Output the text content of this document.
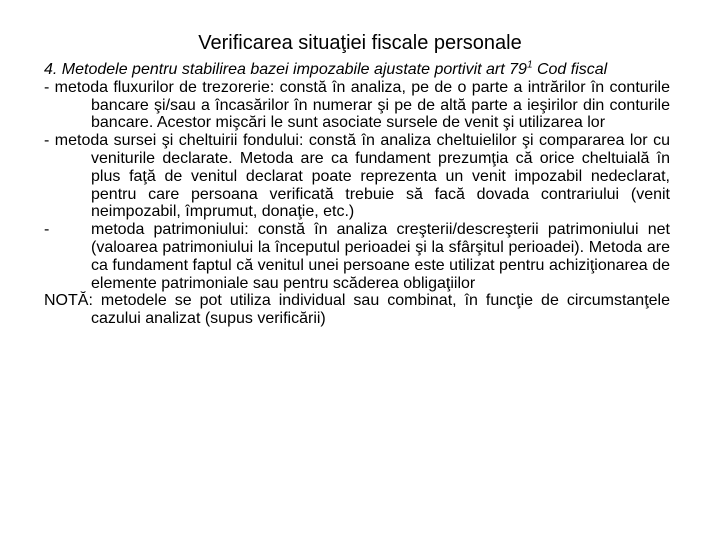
Verificarea situaţiei fiscale personale
4. Metodele pentru stabilirea bazei impozabile ajustate portivit art $79^1$ Cod fiscal
- metoda fluxurilor de trezorerie: constă în analiza, pe de o parte a intrărilor în conturile bancare şi/sau a încasărilor în numerar şi pe de altă parte a ieşirilor din conturile bancare. Acestor mişcări le sunt asociate sursele de venit şi utilizarea lor
- metoda sursei şi cheltuirii fondului: constă în analiza cheltuielilor şi compararea lor cu veniturile declarate. Metoda are ca fundament prezumţia că orice cheltuială în plus faţă de venitul declarat poate reprezenta un venit impozabil nedeclarat, pentru care persoana verificată trebuie să facă dovada contrariului (venit neimpozabil, împrumut, donaţie, etc.)
-	metoda patrimoniului: constă în analiza creşterii/descreşterii patrimoniului net (valoarea patrimoniului la începutul perioadei şi la sfârşitul perioadei). Metoda are ca fundament faptul că venitul unei persoane este utilizat pentru achiziţionarea de elemente patrimoniale sau pentru scăderea obligaţiilor
NOTĂ: metodele se pot utiliza individual sau combinat, în funcţie de circumstanţele cazului analizat (supus verificării)
